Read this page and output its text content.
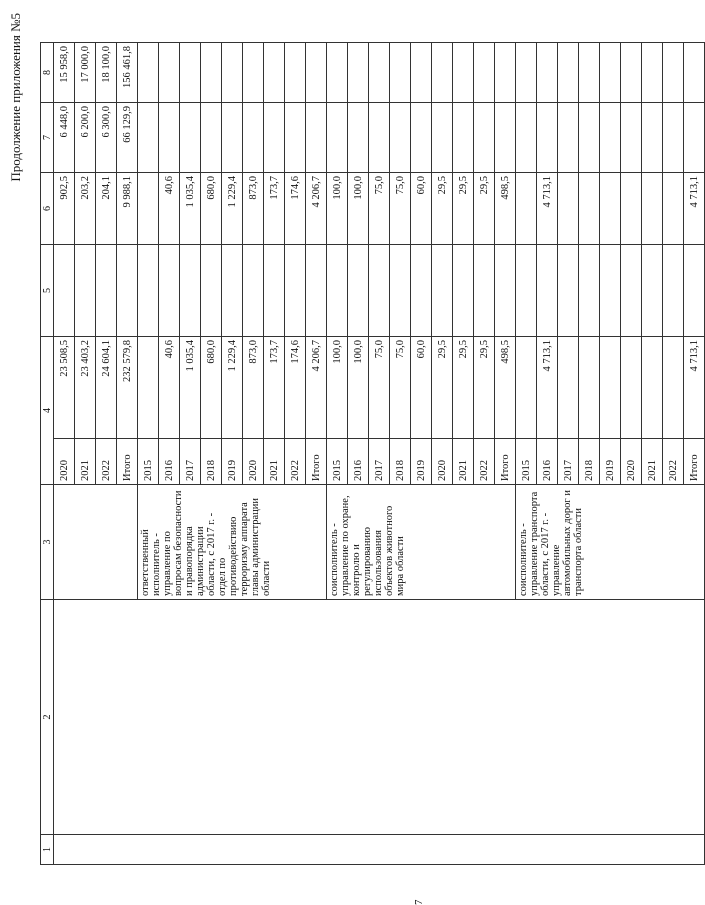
7
Продолжение приложения №5
1	2	3	4		5	6	7	8
			2020	23 508,5		902,5	6 448,0	15 958,0
			2021	23 403,2		203,2	6 200,0	17 000,0
			2022	24 604,1		204,1	6 300,0	18 100,0
			Итого	232 579,8		9 988,1	66 129,9	156 461,8
		ответственный исполнитель - управление по вопросам безопасности и правопорядка администрации области, с 2017 г. - отдел по противодействию терроризму аппарата главы администрации области	2015					
			2016	40,6		40,6		
			2017	1 035,4		1 035,4		
			2018	680,0		680,0		
			2019	1 229,4		1 229,4		
			2020	873,0		873,0		
			2021	173,7		173,7		
			2022	174,6		174,6		
			Итого	4 206,7		4 206,7		
		соисполнитель - управление по охране, контролю и регулированию использования объектов животного мира области	2015	100,0		100,0		
			2016	100,0		100,0		
			2017	75,0		75,0		
			2018	75,0		75,0		
			2019	60,0		60,0		
			2020	29,5		29,5		
			2021	29,5		29,5		
			2022	29,5		29,5		
			Итого	498,5		498,5		
		соисполнитель - управление транспорта области, с 2017 г. - управление автомобильных дорог и транспорта области	2015					
			2016	4 713,1		4 713,1		
			2017					
			2018					
			2019					
			2020					
			2021					
			2022					
			Итого	4 713,1		4 713,1		
